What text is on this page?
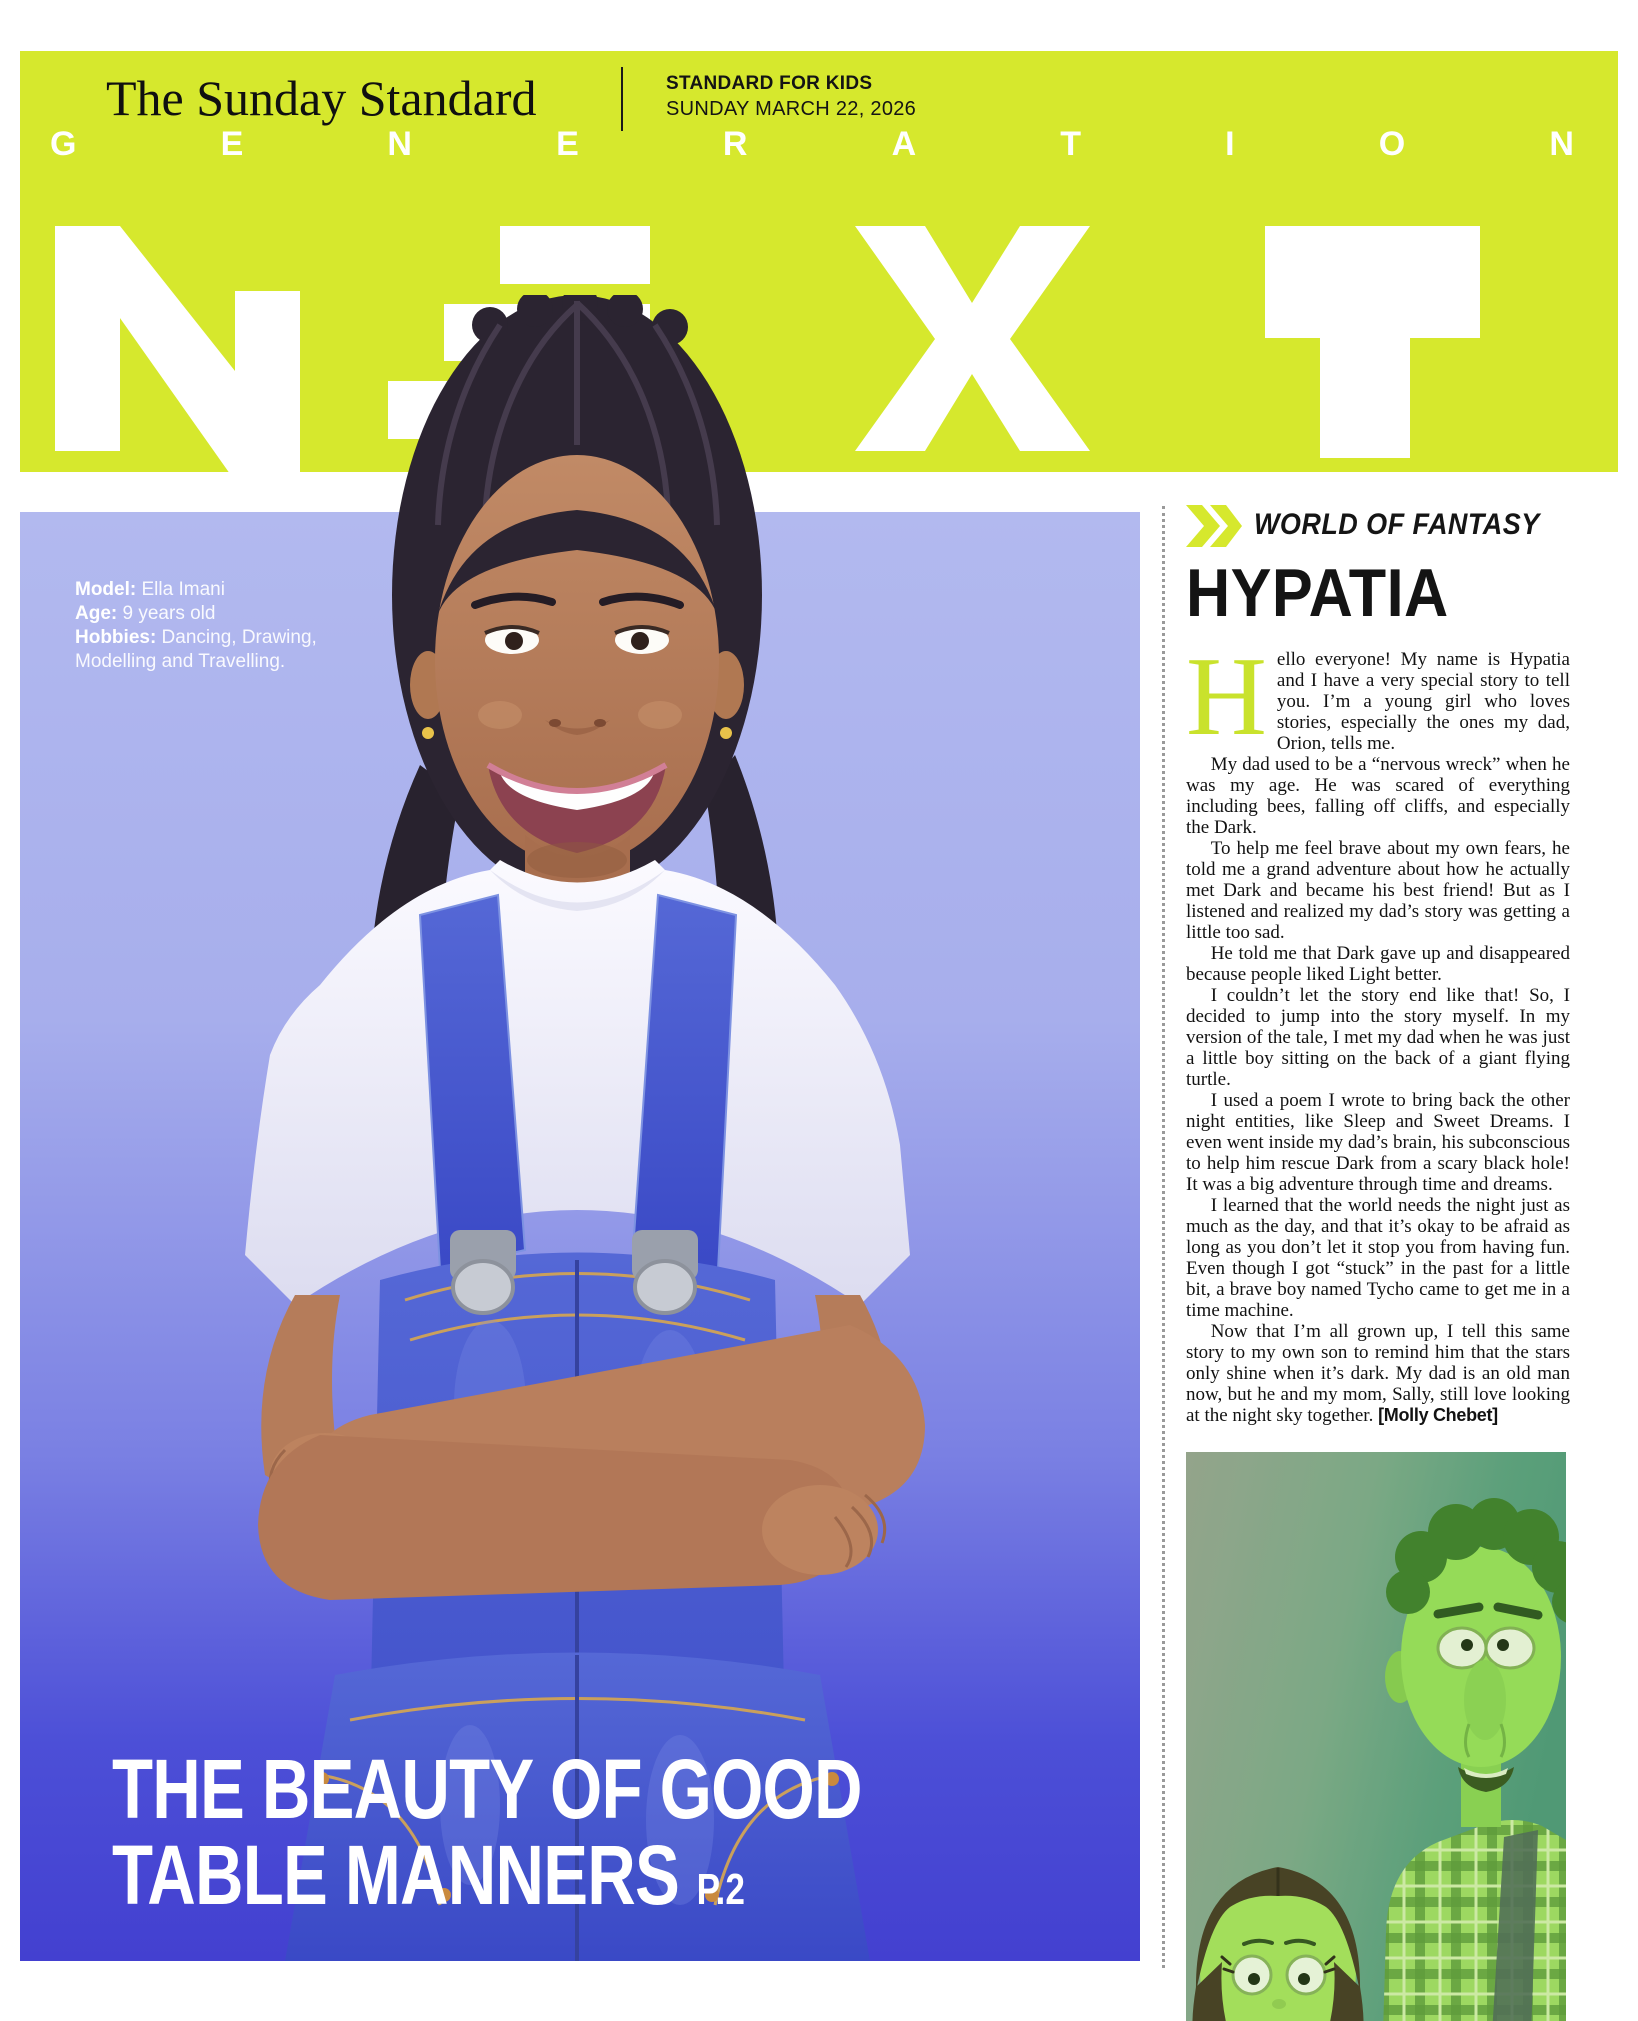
The Sunday Standard	STANDARD FOR KIDS
SUNDAY MARCH 22, 2026
G	E	N	E	R	A	T	I	O	N
Model: Ella Imani
Age: 9 years old
Hobbies: Dancing, Drawing,
Modelling and Travelling.
THE BEAUTY OF GOOD
TABLE MANNERS P.2
WORLD OF FANTASY
HYPATIA

Hello everyone! My name is Hypatia and I have a very special story to tell you. I’m a young girl who loves stories, especially the ones my dad, Orion, tells me.

My dad used to be a “nervous wreck” when he was my age. He was scared of everything including bees, falling off cliffs, and especially the Dark.

To help me feel brave about my own fears, he told me a grand adventure about how he actually met Dark and became his best friend! But as I listened and realized my dad’s story was getting a little too sad.

He told me that Dark gave up and disappeared because people liked Light better.

I couldn’t let the story end like that! So, I decided to jump into the story myself. In my version of the tale, I met my dad when he was just a little boy sitting on the back of a giant flying turtle.

I used a poem I wrote to bring back the other night entities, like Sleep and Sweet Dreams. I even went inside my dad’s brain, his subconscious to help him rescue Dark from a scary black hole! It was a big adventure through time and dreams.

I learned that the world needs the night just as much as the day, and that it’s okay to be afraid as long as you don’t let it stop you from having fun. Even though I got “stuck” in the past for a little bit, a brave boy named Tycho came to get me in a time machine.

Now that I’m all grown up, I tell this same story to my own son to remind him that the stars only shine when it’s dark. My dad is an old man now, but he and my mom, Sally, still love looking at the night sky together. [Molly Chebet]
